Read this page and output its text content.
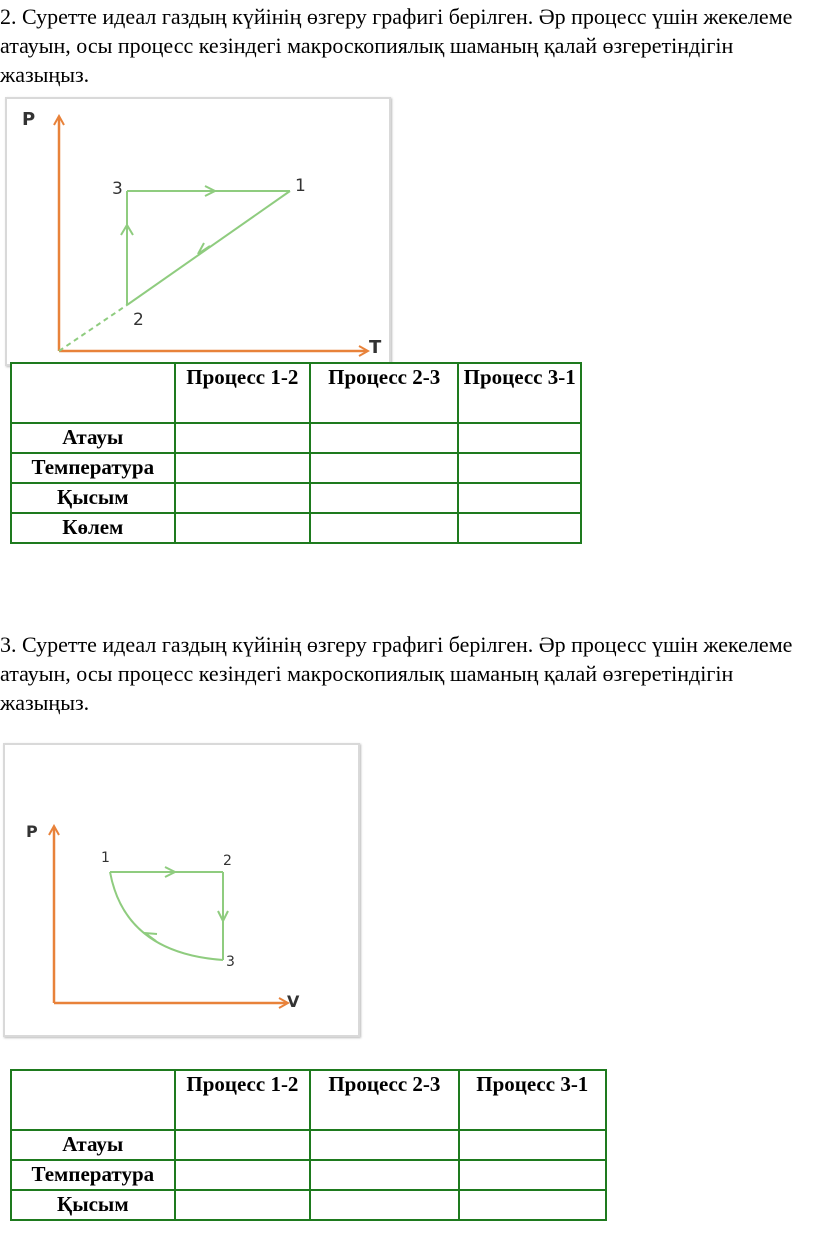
2. Суретте идеал газдың күйінің өзгеру графигі берілген. Әр процесс үшін жекелеме атауын, осы процесс кезіндегі макроскопиялық шаманың қалай өзгеретіндігін жазыңыз.

P
T
3	1
2
	Процесс 1-2	Процесс 2-3	Процесс 3-1
Атауы			
Температура			
Қысым			
Көлем			

3. Суретте идеал газдың күйінің өзгеру графигі берілген. Әр процесс үшін жекелеме атауын, осы процесс кезіндегі макроскопиялық шаманың қалай өзгеретіндігін жазыңыз.

P
V
1	2
3
	Процесс 1-2	Процесс 2-3	Процесс 3-1
Атауы			
Температура			
Қысым			
